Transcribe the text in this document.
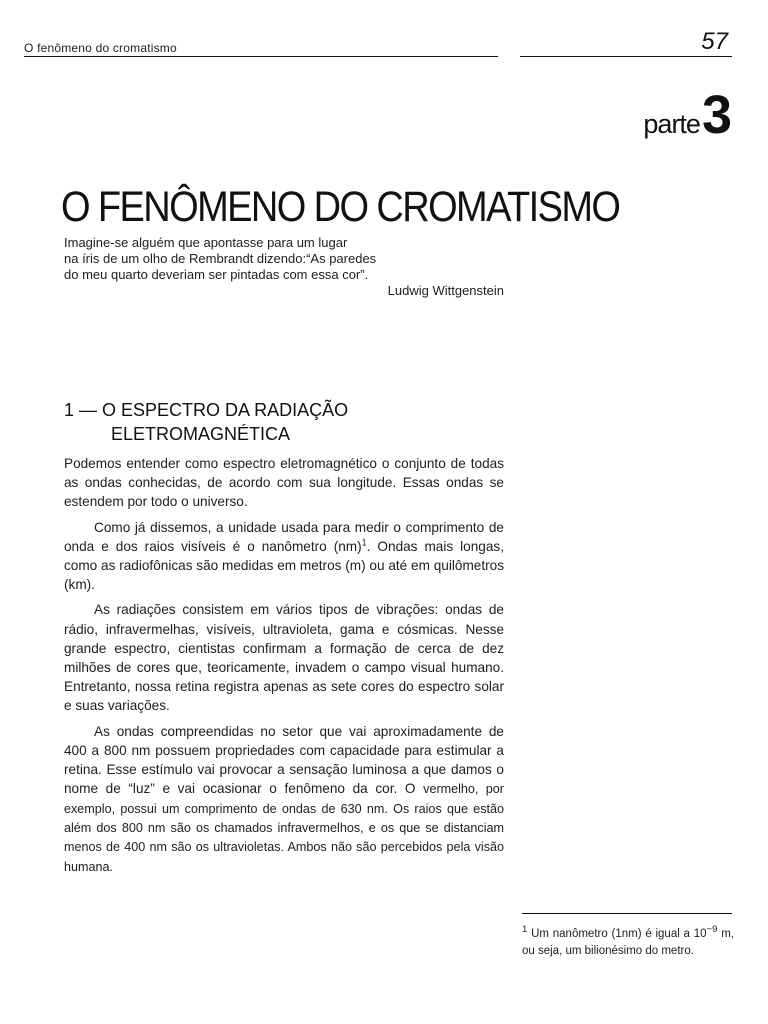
O fenômeno do cromatismo	57
parte 3
O FENÔMENO DO CROMATISMO

Imagine-se alguém que apontasse para um lugar

na íris de um olho de Rembrandt dizendo:“As paredes

do meu quarto deveriam ser pintadas com essa cor”.

Ludwig Wittgenstein

1 — O ESPECTRO DA RADIAÇÃO
ELETROMAGNÉTICA

Podemos entender como espectro eletromagnético o conjunto de todas as ondas conhecidas, de acordo com sua longitude. Essas ondas se estendem por todo o universo.

Como já dissemos, a unidade usada para medir o comprimento de onda e dos raios visíveis é o nanômetro (nm)$^1$. Ondas mais longas, como as radiofônicas são medidas em metros (m) ou até em quilômetros (km).

As radiações consistem em vários tipos de vibrações: ondas de rádio, infravermelhas, visíveis, ultravioleta, gama e cósmicas. Nesse grande espectro, cientistas confirmam a formação de cerca de dez milhões de cores que, teoricamente, invadem o campo visual humano. Entretanto, nossa retina registra apenas as sete cores do espectro solar e suas variações.

As ondas compreendidas no setor que vai aproximadamente de 400 a 800 nm possuem propriedades com capacidade para estimular a retina. Esse estímulo vai provocar a sensação luminosa a que damos o nome de “luz” e vai ocasionar o fenômeno da cor. O vermelho, por exemplo, possui um comprimento de ondas de 630 nm. Os raios que estão além dos 800 nm são os chamados infravermelhos, e os que se distanciam menos de 400 nm são os ultravioletas. Ambos não são percebidos pela visão humana.

$^1$ Um nanômetro (1nm) é igual a $10^{-9}$ m, ou seja, um bilionésimo do metro.
